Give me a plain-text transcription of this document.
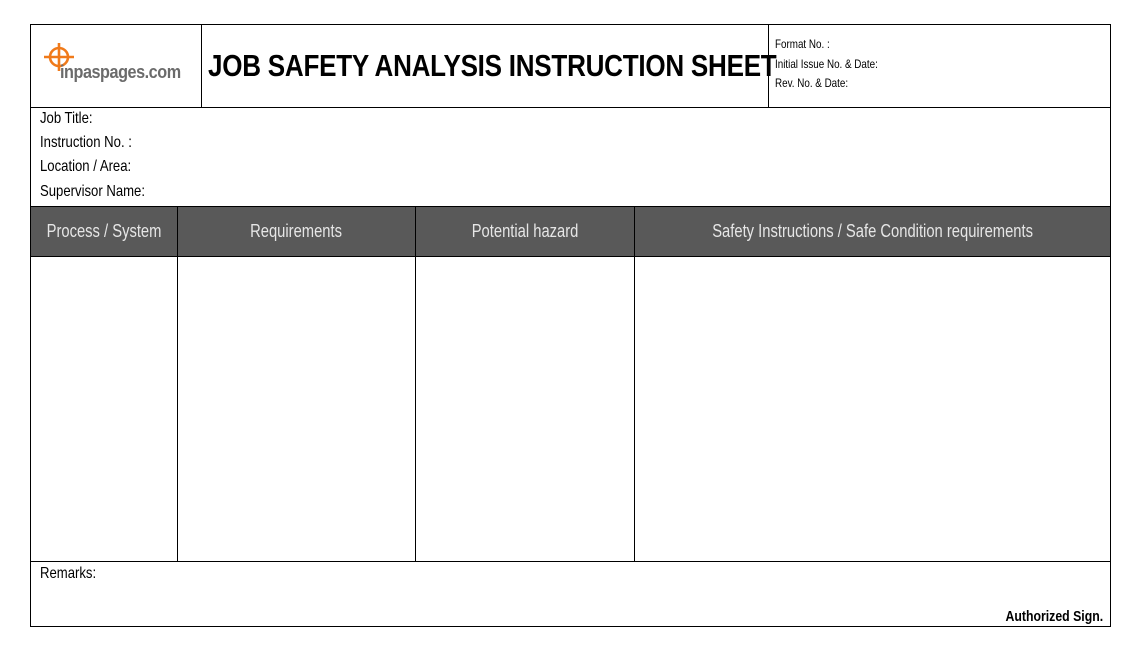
inpaspages.com JOB SAFETY ANALYSIS INSTRUCTION SHEET
Format No. :
Initial Issue No. & Date:
Rev. No. & Date:
Job Title:
Instruction No. :
Location / Area:
Supervisor Name:
Process / System	Requirements	Potential hazard	Safety Instructions / Safe Condition requirements
Remarks:
Authorized Sign.
